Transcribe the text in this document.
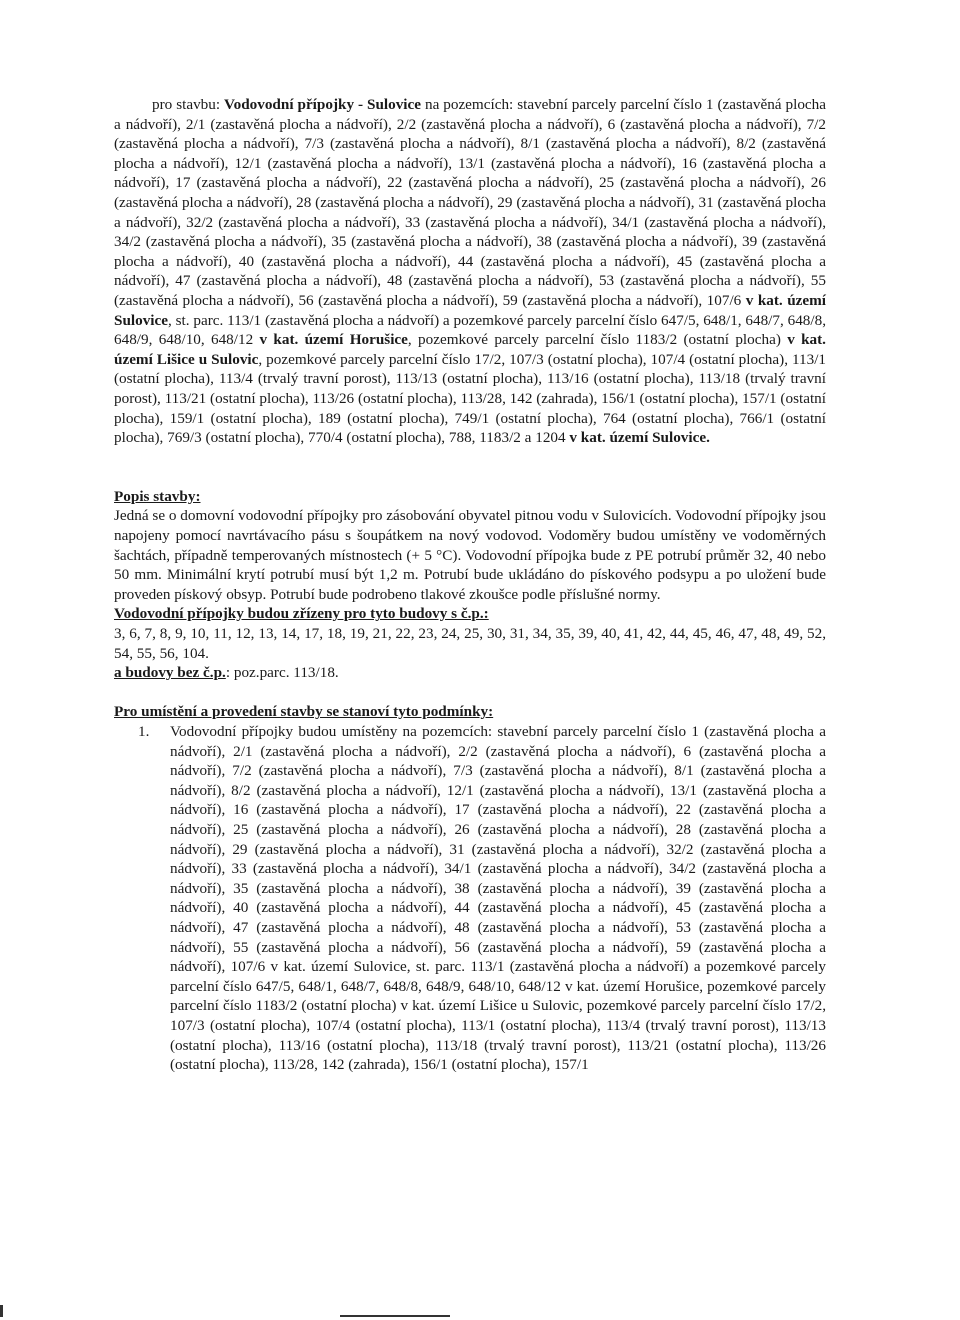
pro stavbu: Vodovodní přípojky - Sulovice na pozemcích: stavební parcely parcelní číslo 1 (zastavěná plocha a nádvoří), 2/1 (zastavěná plocha a nádvoří), 2/2 (zastavěná plocha a nádvoří), 6 (zastavěná plocha a nádvoří), 7/2 (zastavěná plocha a nádvoří), 7/3 (zastavěná plocha a nádvoří), 8/1 (zastavěná plocha a nádvoří), 8/2 (zastavěná plocha a nádvoří), 12/1 (zastavěná plocha a nádvoří), 13/1 (zastavěná plocha a nádvoří), 16 (zastavěná plocha a nádvoří), 17 (zastavěná plocha a nádvoří), 22 (zastavěná plocha a nádvoří), 25 (zastavěná plocha a nádvoří), 26 (zastavěná plocha a nádvoří), 28 (zastavěná plocha a nádvoří), 29 (zastavěná plocha a nádvoří), 31 (zastavěná plocha a nádvoří), 32/2 (zastavěná plocha a nádvoří), 33 (zastavěná plocha a nádvoří), 34/1 (zastavěná plocha a nádvoří), 34/2 (zastavěná plocha a nádvoří), 35 (zastavěná plocha a nádvoří), 38 (zastavěná plocha a nádvoří), 39 (zastavěná plocha a nádvoří), 40 (zastavěná plocha a nádvoří), 44 (zastavěná plocha a nádvoří), 45 (zastavěná plocha a nádvoří), 47 (zastavěná plocha a nádvoří), 48 (zastavěná plocha a nádvoří), 53 (zastavěná plocha a nádvoří), 55 (zastavěná plocha a nádvoří), 56 (zastavěná plocha a nádvoří), 59 (zastavěná plocha a nádvoří), 107/6 v kat. území Sulovice, st. parc. 113/1 (zastavěná plocha a nádvoří) a pozemkové parcely parcelní číslo 647/5, 648/1, 648/7, 648/8, 648/9, 648/10, 648/12 v kat. území Horušice, pozemkové parcely parcelní číslo 1183/2 (ostatní plocha) v kat. území Lišice u Sulovic, pozemkové parcely parcelní číslo 17/2, 107/3 (ostatní plocha), 107/4 (ostatní plocha), 113/1 (ostatní plocha), 113/4 (trvalý travní porost), 113/13 (ostatní plocha), 113/16 (ostatní plocha), 113/18 (trvalý travní porost), 113/21 (ostatní plocha), 113/26 (ostatní plocha), 113/28, 142 (zahrada), 156/1 (ostatní plocha), 157/1 (ostatní plocha), 159/1 (ostatní plocha), 189 (ostatní plocha), 749/1 (ostatní plocha), 764 (ostatní plocha), 766/1 (ostatní plocha), 769/3 (ostatní plocha), 770/4 (ostatní plocha), 788, 1183/2 a 1204 v kat. území Sulovice.

Popis stavby:

Jedná se o domovní vodovodní přípojky pro zásobování obyvatel pitnou vodu v Sulovicích. Vodovodní přípojky jsou napojeny pomocí navrtávacího pásu s šoupátkem na nový vodovod. Vodoměry budou umístěny ve vodoměrných šachtách, případně temperovaných místnostech (+ 5 °C). Vodovodní přípojka bude z PE potrubí průměr 32, 40 nebo 50 mm. Minimální krytí potrubí musí být 1,2 m. Potrubí bude ukládáno do pískového podsypu a po uložení bude proveden pískový obsyp. Potrubí bude podrobeno tlakové zkoušce podle příslušné normy.

Vodovodní přípojky budou zřízeny pro tyto budovy s č.p.:

3, 6, 7, 8, 9, 10, 11, 12, 13, 14, 17, 18, 19, 21, 22, 23, 24, 25, 30, 31, 34, 35, 39, 40, 41, 42, 44, 45, 46, 47, 48, 49, 52, 54, 55, 56, 104.

a budovy bez č.p.: poz.parc. 113/18.

Pro umístění a provedení stavby se stanoví tyto podmínky:

1. Vodovodní přípojky budou umístěny na pozemcích: stavební parcely parcelní číslo 1 (zastavěná plocha a nádvoří), 2/1 (zastavěná plocha a nádvoří), 2/2 (zastavěná plocha a nádvoří), 6 (zastavěná plocha a nádvoří), 7/2 (zastavěná plocha a nádvoří), 7/3 (zastavěná plocha a nádvoří), 8/1 (zastavěná plocha a nádvoří), 8/2 (zastavěná plocha a nádvoří), 12/1 (zastavěná plocha a nádvoří), 13/1 (zastavěná plocha a nádvoří), 16 (zastavěná plocha a nádvoří), 17 (zastavěná plocha a nádvoří), 22 (zastavěná plocha a nádvoří), 25 (zastavěná plocha a nádvoří), 26 (zastavěná plocha a nádvoří), 28 (zastavěná plocha a nádvoří), 29 (zastavěná plocha a nádvoří), 31 (zastavěná plocha a nádvoří), 32/2 (zastavěná plocha a nádvoří), 33 (zastavěná plocha a nádvoří), 34/1 (zastavěná plocha a nádvoří), 34/2 (zastavěná plocha a nádvoří), 35 (zastavěná plocha a nádvoří), 38 (zastavěná plocha a nádvoří), 39 (zastavěná plocha a nádvoří), 40 (zastavěná plocha a nádvoří), 44 (zastavěná plocha a nádvoří), 45 (zastavěná plocha a nádvoří), 47 (zastavěná plocha a nádvoří), 48 (zastavěná plocha a nádvoří), 53 (zastavěná plocha a nádvoří), 55 (zastavěná plocha a nádvoří), 56 (zastavěná plocha a nádvoří), 59 (zastavěná plocha a nádvoří), 107/6 v kat. území Sulovice, st. parc. 113/1 (zastavěná plocha a nádvoří) a pozemkové parcely parcelní číslo 647/5, 648/1, 648/7, 648/8, 648/9, 648/10, 648/12 v kat. území Horušice, pozemkové parcely parcelní číslo 1183/2 (ostatní plocha) v kat. území Lišice u Sulovic, pozemkové parcely parcelní číslo 17/2, 107/3 (ostatní plocha), 107/4 (ostatní plocha), 113/1 (ostatní plocha), 113/4 (trvalý travní porost), 113/13 (ostatní plocha), 113/16 (ostatní plocha), 113/18 (trvalý travní porost), 113/21 (ostatní plocha), 113/26 (ostatní plocha), 113/28, 142 (zahrada), 156/1 (ostatní plocha), 157/1
